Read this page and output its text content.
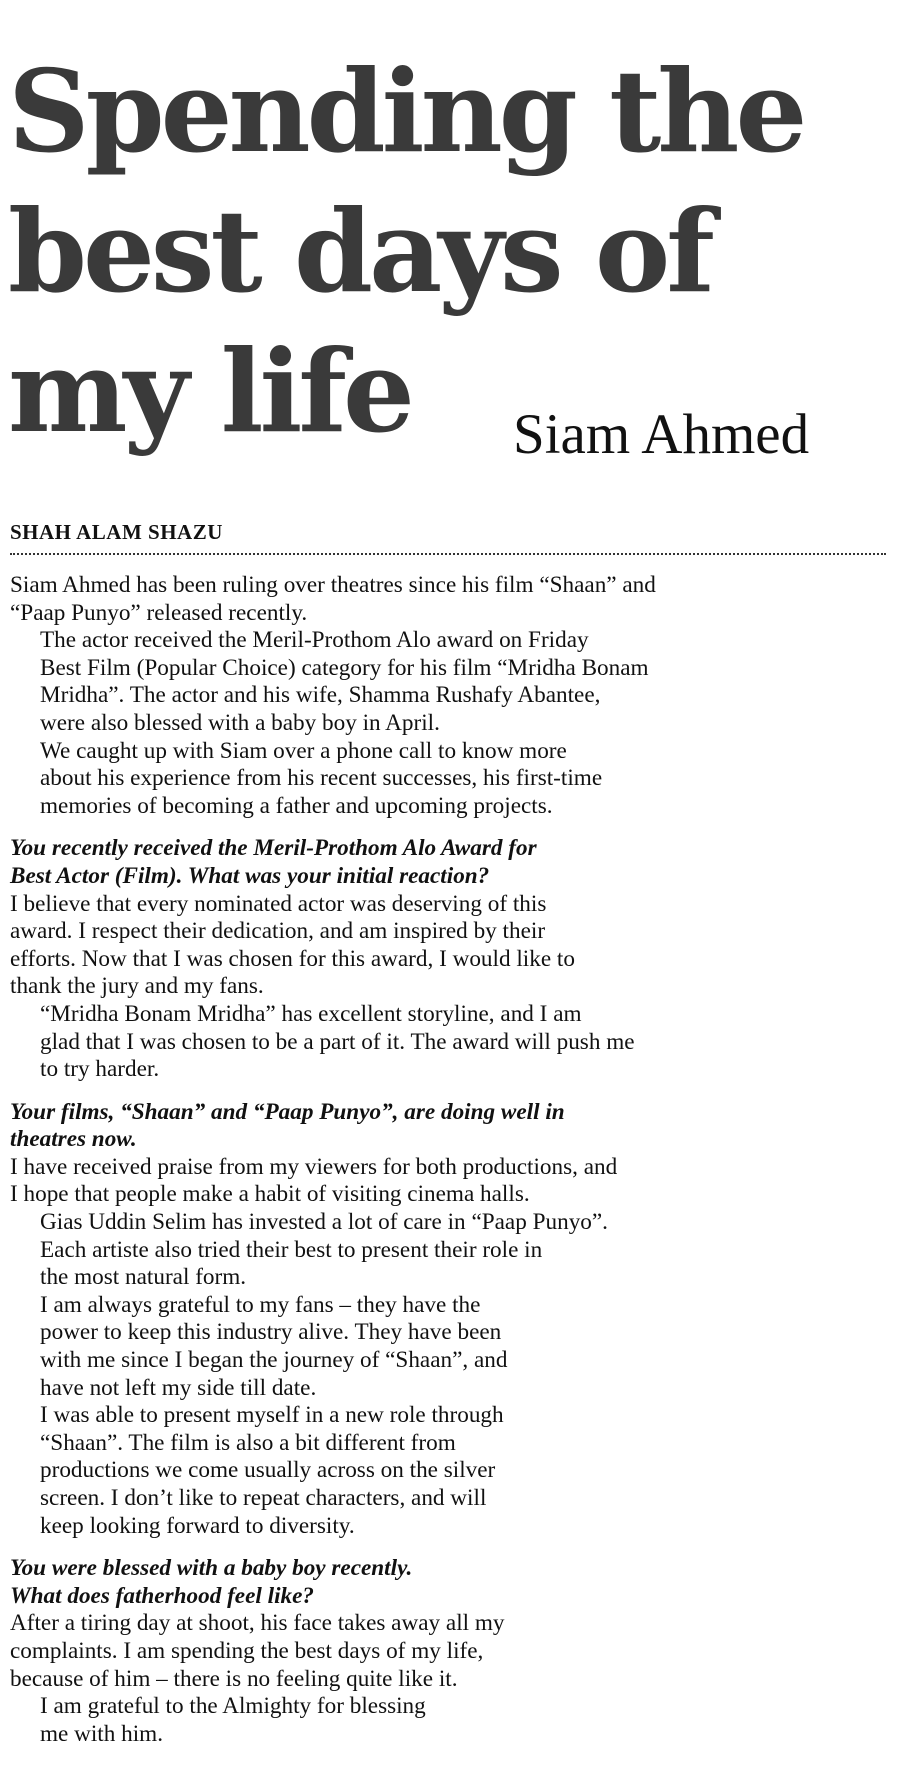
Spending the
best days of
my life	Siam Ahmed
SHAH ALAM SHAZU

Siam Ahmed has been ruling over theatres since his film “Shaan” and
“Paap Punyo” released recently.

The actor received the Meril-Prothom Alo award on Friday
Best Film (Popular Choice) category for his film “Mridha Bonam
Mridha”. The actor and his wife, Shamma Rushafy Abantee,
were also blessed with a baby boy in April.

We caught up with Siam over a phone call to know more
about his experience from his recent successes, his first-time
memories of becoming a father and upcoming projects.

You recently received the Meril-Prothom Alo Award for
Best Actor (Film). What was your initial reaction?

I believe that every nominated actor was deserving of this
award. I respect their dedication, and am inspired by their
efforts. Now that I was chosen for this award, I would like to
thank the jury and my fans.

“Mridha Bonam Mridha” has excellent storyline, and I am
glad that I was chosen to be a part of it. The award will push me
to try harder.

Your films, “Shaan” and “Paap Punyo”, are doing well in
theatres now.

I have received praise from my viewers for both productions, and
I hope that people make a habit of visiting cinema halls.

Gias Uddin Selim has invested a lot of care in “Paap Punyo”.
Each artiste also tried their best to present their role in
the most natural form.

I am always grateful to my fans – they have the
power to keep this industry alive. They have been
with me since I began the journey of “Shaan”, and
have not left my side till date.

I was able to present myself in a new role through
“Shaan”. The film is also a bit different from
productions we come usually across on the silver
screen. I don’t like to repeat characters, and will
keep looking forward to diversity.

You were blessed with a baby boy recently.
What does fatherhood feel like?

After a tiring day at shoot, his face takes away all my
complaints. I am spending the best days of my life,
because of him – there is no feeling quite like it.

I am grateful to the Almighty for blessing
me with him.
